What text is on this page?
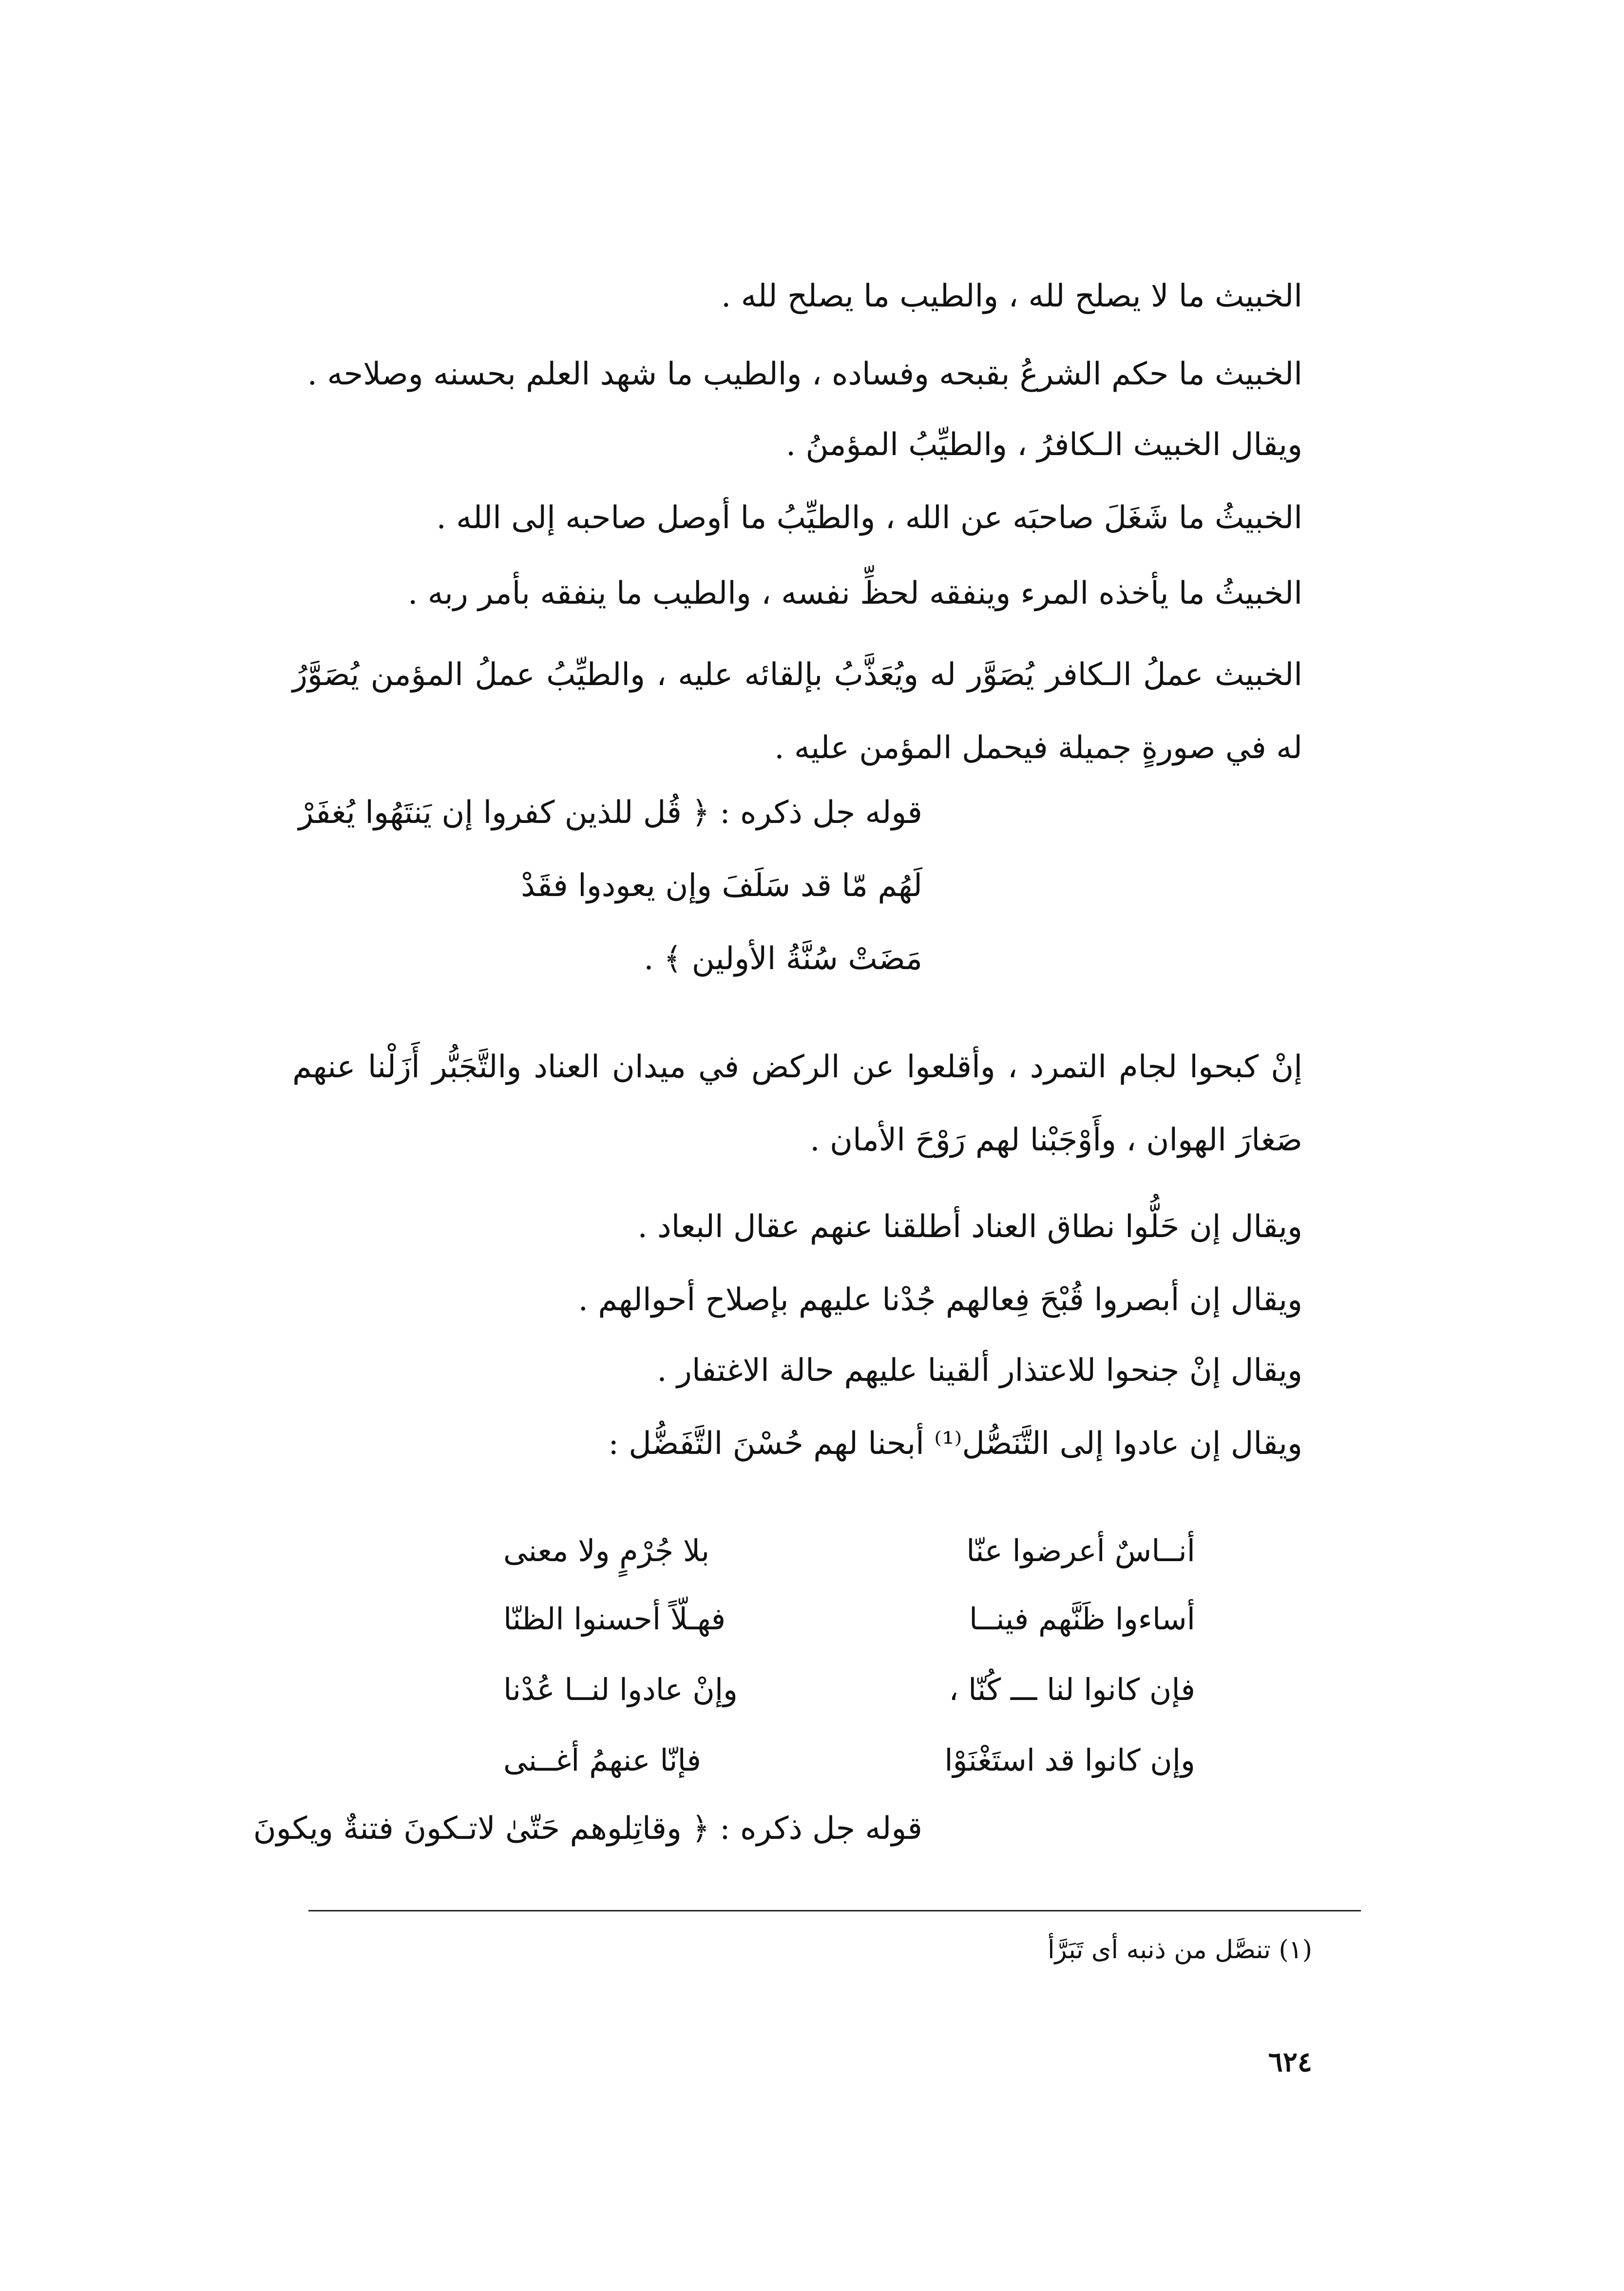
الخبيث ما لا يصلح لله ، والطيب ما يصلح لله .
الخبيث ما حكم الشرعُ بقبحه وفساده ، والطيب ما شهد العلم بحسنه وصلاحه .
ويقال الخبيث الـكافرُ ، والطيِّبُ المؤمنُ .
الخبيثُ ما شَغَلَ صاحبَه عن الله ، والطيِّبُ ما أوصل صاحبه إلى الله .
الخبيثُ ما يأخذه المرء وينفقه لحظِّ نفسه ، والطيب ما ينفقه بأمر ربه .
الخبيث عملُ الـكافر يُصَوَّر له ويُعَذَّبُ بإلقائه عليه ، والطيِّبُ عملُ المؤمن يُصَوَّرُ له في صورةٍ جميلة فيحمل المؤمن عليه .
قوله جل ذكره : ﴿ قُل للذين كفروا إن يَنتَهُوا يُغفَرْ
لَهُم مّا قد سَلَفَ وإن يعودوا فقَدْ
مَضَتْ سُنَّةُ الأولين ﴾ .
إنْ كبحوا لجام التمرد ، وأقلعوا عن الركض في ميدان العناد والتَّجَبُّر أَزَلْنا عنهم صَغارَ الهوان ، وأَوْجَبْنا لهم رَوْحَ الأمان .
ويقال إن حَلُّوا نطاق العناد أطلقنا عنهم عقال البعاد .
ويقال إن أبصروا قُبْحَ فِعالهم جُدْنا عليهم بإصلاح أحوالهم .
ويقال إنْ جنحوا للاعتذار ألقينا عليهم حالة الاغتفار .
ويقال إن عادوا إلى التَّنَصُّل⁽¹⁾ أبحنا لهم حُسْنَ التَّفَضُّل :
أنــاسٌ أعرضوا عنّا
بلا جُرْمٍ ولا معنى
أساءوا ظَنَّهم فينــا
فهـلّاً أحسنوا الظنّا
فإن كانوا لنا ـــ كُنّا ،
وإنْ عادوا لنــا عُدْنا
وإن كانوا قد استَغْنَوْا
فإنّا عنهمُ أغــنى
قوله جل ذكره : ﴿ وقاتِلوهم حَتّىٰ لاتـكونَ فتنةٌ ويكونَ
(١) تنصَّل من ذنبه أى تَبَرَّأ
٦٢٤
